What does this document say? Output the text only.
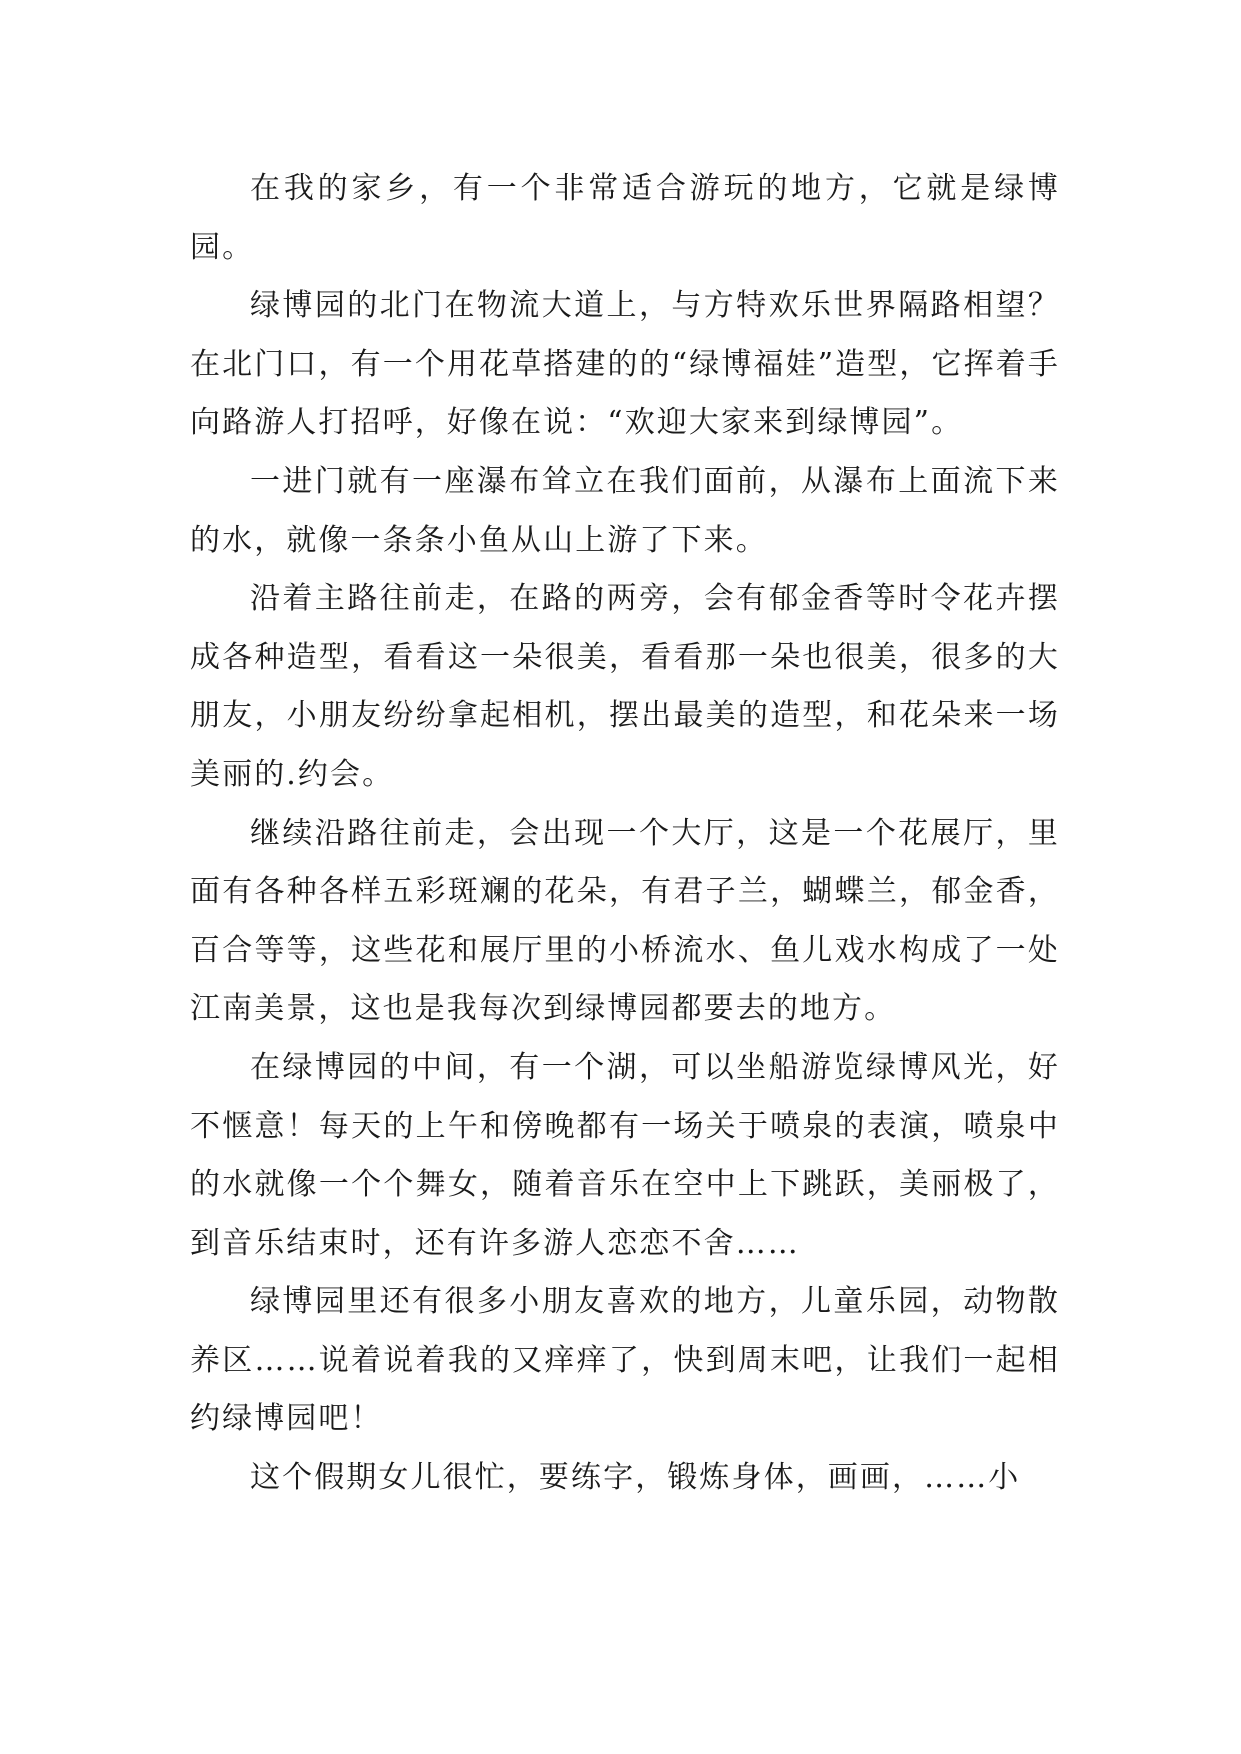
在我的家乡，有一个非常适合游玩的地方，它就是绿博园。

绿博园的北门在物流大道上，与方特欢乐世界隔路相望？在北门口，有一个用花草搭建的的“绿博福娃”造型，它挥着手向路游人打招呼，好像在说：“欢迎大家来到绿博园”。

一进门就有一座瀑布耸立在我们面前，从瀑布上面流下来的水，就像一条条小鱼从山上游了下来。

沿着主路往前走，在路的两旁，会有郁金香等时令花卉摆成各种造型，看看这一朵很美，看看那一朵也很美，很多的大朋友，小朋友纷纷拿起相机，摆出最美的造型，和花朵来一场美丽的.约会。

继续沿路往前走，会出现一个大厅，这是一个花展厅，里面有各种各样五彩斑斓的花朵，有君子兰，蝴蝶兰，郁金香，百合等等，这些花和展厅里的小桥流水、鱼儿戏水构成了一处江南美景，这也是我每次到绿博园都要去的地方。

在绿博园的中间，有一个湖，可以坐船游览绿博风光，好不惬意！每天的上午和傍晚都有一场关于喷泉的表演，喷泉中的水就像一个个舞女，随着音乐在空中上下跳跃，美丽极了，到音乐结束时，还有许多游人恋恋不舍……

绿博园里还有很多小朋友喜欢的地方，儿童乐园，动物散养区……说着说着我的又痒痒了，快到周末吧，让我们一起相约绿博园吧！

这个假期女儿很忙，要练字，锻炼身体，画画，……小
